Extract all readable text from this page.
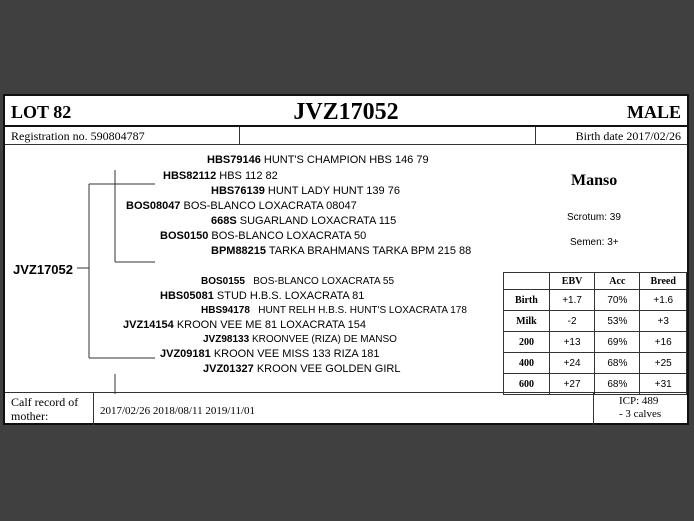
LOT 82	JVZ17052	MALE
Registration no. 590804787	Birth date 2017/02/26
JVZ17052
HBS79146 HUNT'S CHAMPION HBS 146 79
HBS82112 HBS 112 82
HBS76139 HUNT LADY HUNT 139 76
BOS08047 BOS-BLANCO LOXACRATA 08047
668S SUGARLAND LOXACRATA 115
BOS0150 BOS-BLANCO LOXACRATA 50
BPM88215 TARKA BRAHMANS TARKA BPM 215 88
BOS0155 BOS-BLANCO LOXACRATA 55
HBS05081 STUD H.B.S. LOXACRATA 81
HBS94178 HUNT RELH H.B.S. HUNT'S LOXACRATA 178
JVZ14154 KROON VEE ME 81 LOXACRATA 154
JVZ98133 KROONVEE (RIZA) DE MANSO
JVZ09181 KROON VEE MISS 133 RIZA 181
JVZ01327 KROON VEE GOLDEN GIRL
Manso
Scrotum: 39
Semen: 3+
	EBV	Acc	Breed
Birth	+1.7	70%	+1.6
Milk	-2	53%	+3
200	+13	69%	+16
400	+24	68%	+25
600	+27	68%	+31
Calf record of mother:	2017/02/26 2018/08/11 2019/11/01
ICP: 489
- 3 calves
